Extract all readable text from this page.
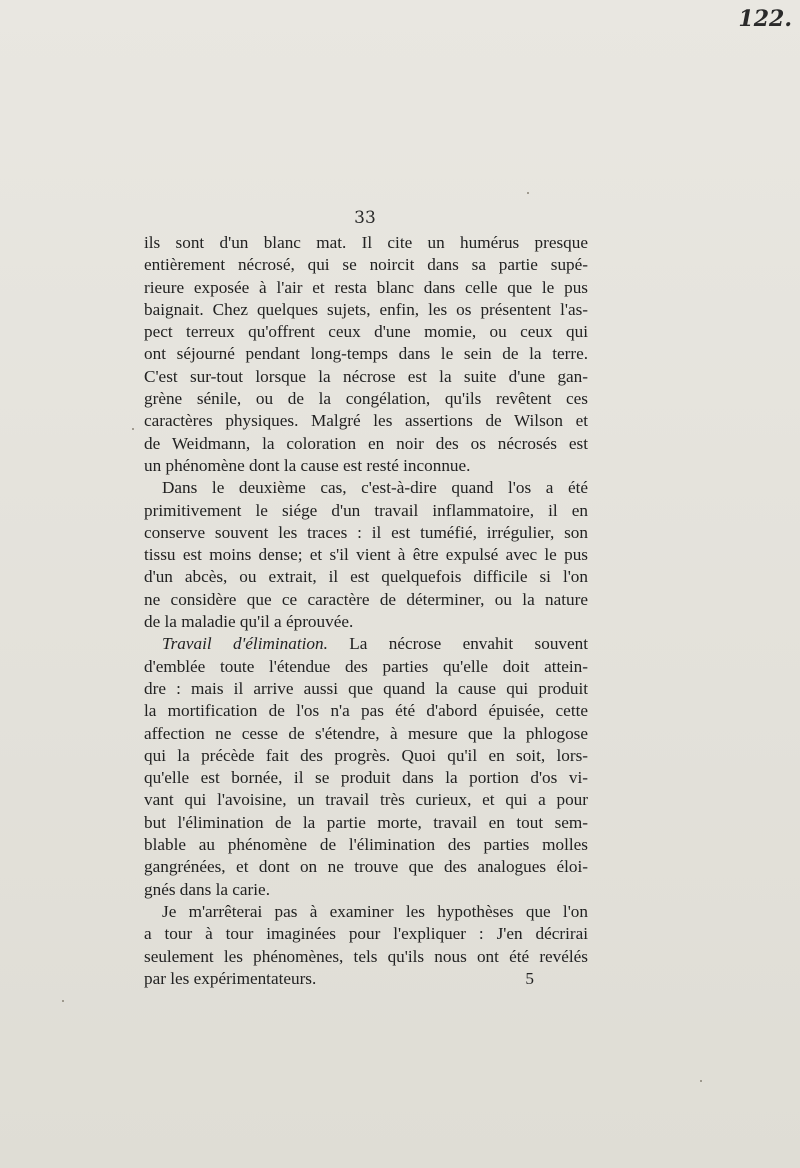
122.
33
ils sont d'un blanc mat. Il cite un humérus presque
entièrement nécrosé, qui se noircit dans sa partie supé-
rieure exposée à l'air et resta blanc dans celle que le pus
baignait. Chez quelques sujets, enfin, les os présentent l'as-
pect terreux qu'offrent ceux d'une momie, ou ceux qui
ont séjourné pendant long-temps dans le sein de la terre.
C'est sur-tout lorsque la nécrose est la suite d'une gan-
grène sénile, ou de la congélation, qu'ils revêtent ces
caractères physiques. Malgré les assertions de Wilson et
de Weidmann, la coloration en noir des os nécrosés est
un phénomène dont la cause est resté inconnue.
Dans le deuxième cas, c'est-à-dire quand l'os a été
primitivement le siége d'un travail inflammatoire, il en
conserve souvent les traces : il est tuméfié, irrégulier, son
tissu est moins dense; et s'il vient à être expulsé avec le pus
d'un abcès, ou extrait, il est quelquefois difficile si l'on
ne considère que ce caractère de déterminer, ou la nature
de la maladie qu'il a éprouvée.
Travail d'élimination. La nécrose envahit souvent
d'emblée toute l'étendue des parties qu'elle doit attein-
dre : mais il arrive aussi que quand la cause qui produit
la mortification de l'os n'a pas été d'abord épuisée, cette
affection ne cesse de s'étendre, à mesure que la phlogose
qui la précède fait des progrès. Quoi qu'il en soit, lors-
qu'elle est bornée, il se produit dans la portion d'os vi-
vant qui l'avoisine, un travail très curieux, et qui a pour
but l'élimination de la partie morte, travail en tout sem-
blable au phénomène de l'élimination des parties molles
gangrénées, et dont on ne trouve que des analogues éloi-
gnés dans la carie.
Je m'arrêterai pas à examiner les hypothèses que l'on
a tour à tour imaginées pour l'expliquer : J'en décrirai
seulement les phénomènes, tels qu'ils nous ont été revélés
par les expérimentateurs.	5
